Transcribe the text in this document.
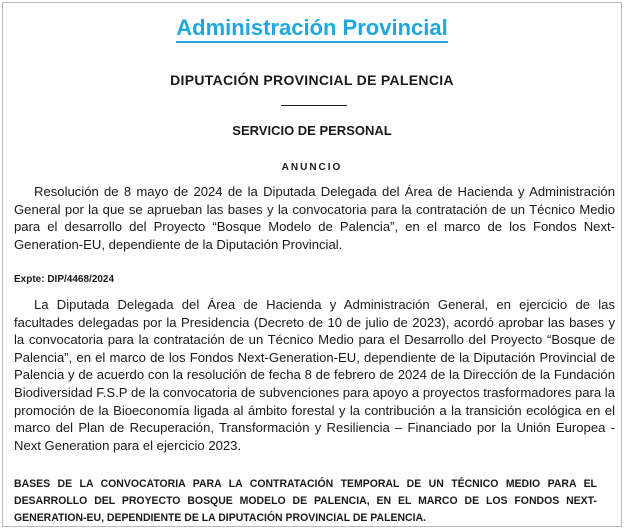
Administración Provincial
DIPUTACIÓN PROVINCIAL DE PALENCIA
SERVICIO DE PERSONAL
ANUNCIO

Resolución de 8 mayo de 2024 de la Diputada Delegada del Área de Hacienda y Administración General por la que se aprueban las bases y la convocatoria para la contratación de un Técnico Medio para el desarrollo del Proyecto “Bosque Modelo de Palencia”, en el marco de los Fondos Next-Generation-EU, dependiente de la Diputación Provincial.

Expte: DIP/4468/2024

La Diputada Delegada del Área de Hacienda y Administración General, en ejercicio de las facultades delegadas por la Presidencia (Decreto de 10 de julio de 2023), acordó aprobar las bases y la convocatoria para la contratación de un Técnico Medio para el Desarrollo del Proyecto “Bosque de Palencia”, en el marco de los Fondos Next-Generation-EU, dependiente de la Diputación Provincial de Palencia y de acuerdo con la resolución de fecha 8 de febrero de 2024 de la Dirección de la Fundación Biodiversidad F.S.P de la convocatoria de subvenciones para apoyo a proyectos trasformadores para la promoción de la Bioeconomía ligada al ámbito forestal y la contribución a la transición ecológica en el marco del Plan de Recuperación, Transformación y Resiliencia – Financiado por la Unión Europea -Next Generation para el ejercicio 2023.

BASES DE LA CONVOCATORIA PARA LA CONTRATACIÓN TEMPORAL DE UN TÉCNICO MEDIO PARA EL DESARROLLO DEL PROYECTO BOSQUE MODELO DE PALENCIA, EN EL MARCO DE LOS FONDOS NEXT-GENERATION-EU, DEPENDIENTE DE LA DIPUTACIÓN PROVINCIAL DE PALENCIA.
